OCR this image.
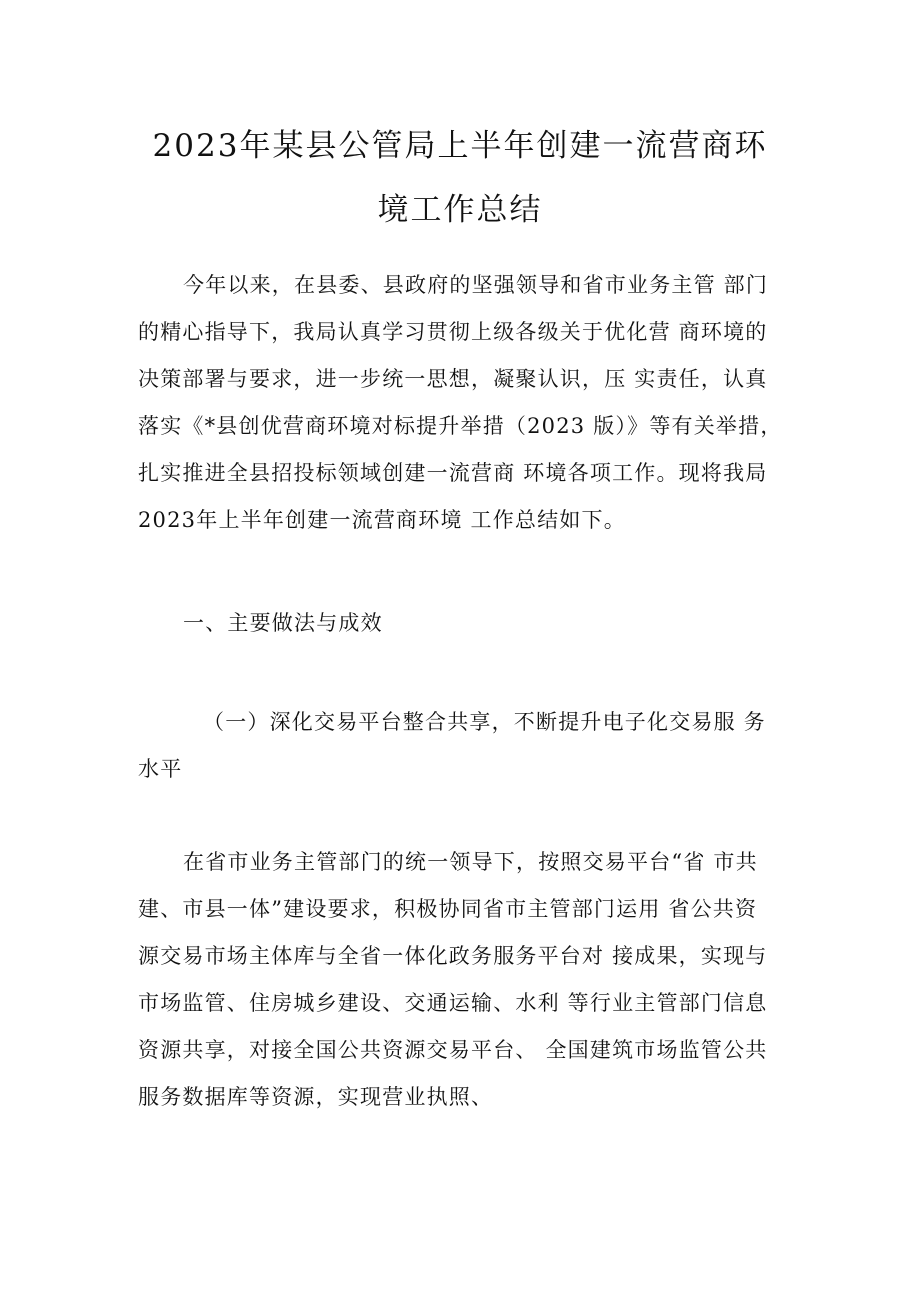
2023年某县公管局上半年创建一流营商环
境工作总结
今年以来，在县委、县政府的坚强领导和省市业务主管 部门
的精心指导下，我局认真学习贯彻上级各级关于优化营 商环境的
决策部署与要求，进一步统一思想，凝聚认识，压 实责任，认真
落实《*县创优营商环境对标提升举措（2023 版）》等有关举措，
扎实推进全县招投标领域创建一流营商 环境各项工作。现将我局
2023年上半年创建一流营商环境 工作总结如下。
一、主要做法与成效
（一）深化交易平台整合共享，不断提升电子化交易服 务
水平
在省市业务主管部门的统一领导下，按照交易平台“省 市共
建、市县一体”建设要求，积极协同省市主管部门运用 省公共资
源交易市场主体库与全省一体化政务服务平台对 接成果，实现与
市场监管、住房城乡建设、交通运输、水利 等行业主管部门信息
资源共享，对接全国公共资源交易平台、 全国建筑市场监管公共
服务数据库等资源，实现营业执照、
